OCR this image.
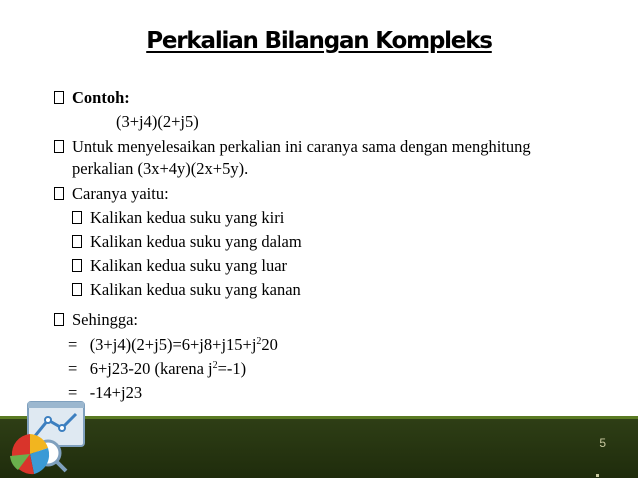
Perkalian Bilangan Kompleks
Contoh:
(3+j4)(2+j5)
Untuk menyelesaikan perkalian ini caranya sama dengan menghitung
perkalian (3x+4y)(2x+5y).
Caranya yaitu:
Kalikan kedua suku yang kiri
Kalikan kedua suku yang dalam
Kalikan kedua suku yang luar
Kalikan kedua suku yang kanan
Sehingga:
= $(3+j4)(2+j5)=6+j8+j15+j^220$
= 6+j23-20 (karena $j^2=-1$)
= -14+j23
5
